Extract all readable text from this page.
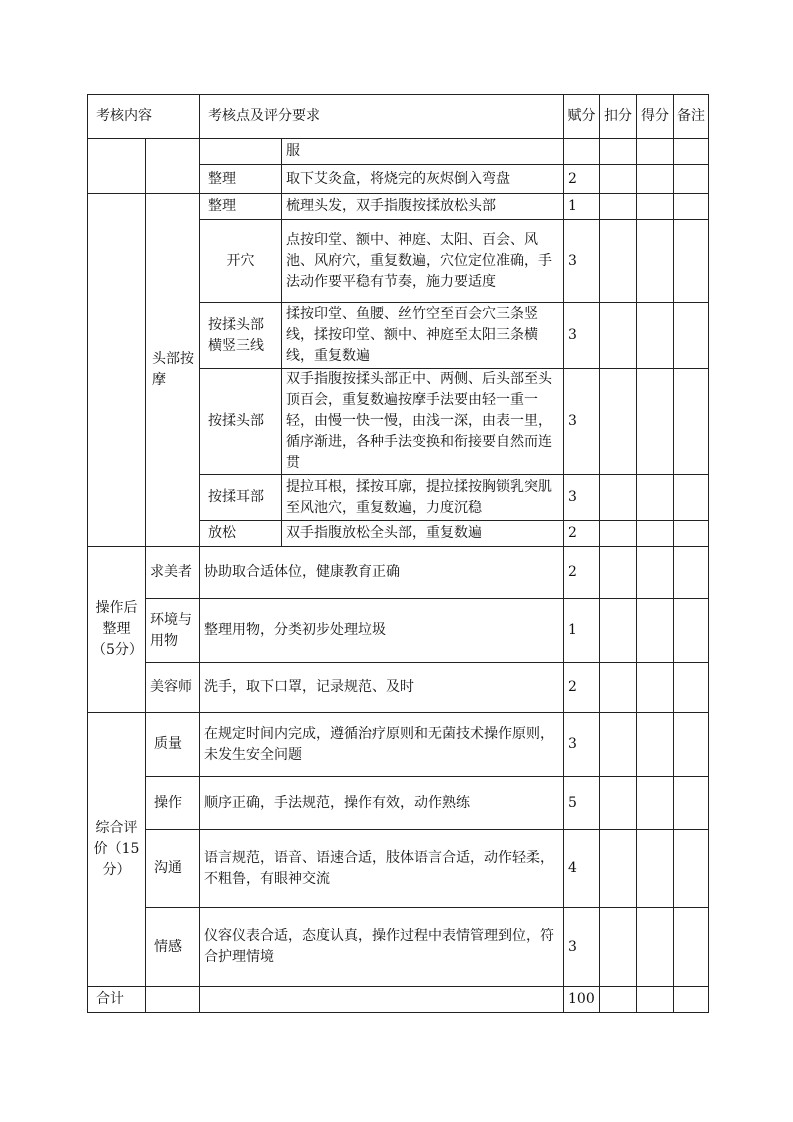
考核内容		考核点及评分要求		赋分	扣分	得分	备注
			服				
		整理	取下艾灸盒，将烧完的灰烬倒入弯盘	2			
	头部按摩	整理	梳理头发，双手指腹按揉放松头部	1			
		开穴	点按印堂、额中、神庭、太阳、百会、风池、风府穴，重复数遍，穴位定位准确，手法动作要平稳有节奏，施力要适度	3			
		按揉头部横竖三线	揉按印堂、鱼腰、丝竹空至百会穴三条竖线，揉按印堂、额中、神庭至太阳三条横线，重复数遍	3			
		按揉头部	双手指腹按揉头部正中、两侧、后头部至头顶百会，重复数遍按摩手法要由轻一重一轻，由慢一快一慢，由浅一深，由表一里，循序渐进，各种手法变换和衔接要自然而连贯	3			
		按揉耳部	提拉耳根，揉按耳廓，提拉揉按胸锁乳突肌至风池穴，重复数遍，力度沉稳	3			
		放松	双手指腹放松全头部，重复数遍	2			
操作后整理（5分）	求美者	协助取合适体位，健康教育正确		2			
	环境与用物	整理用物，分类初步处理垃圾		1			
	美容师	洗手，取下口罩，记录规范、及时		2			
综合评价（15分）	质量	在规定时间内完成，遵循治疗原则和无菌技术操作原则，未发生安全问题		3			
	操作	顺序正确，手法规范，操作有效，动作熟练		5			
	沟通	语言规范，语音、语速合适，肢体语言合适，动作轻柔，不粗鲁，有眼神交流		4			
	情感	仪容仪表合适，态度认真，操作过程中表情管理到位，符合护理情境		3			
合计				100			
